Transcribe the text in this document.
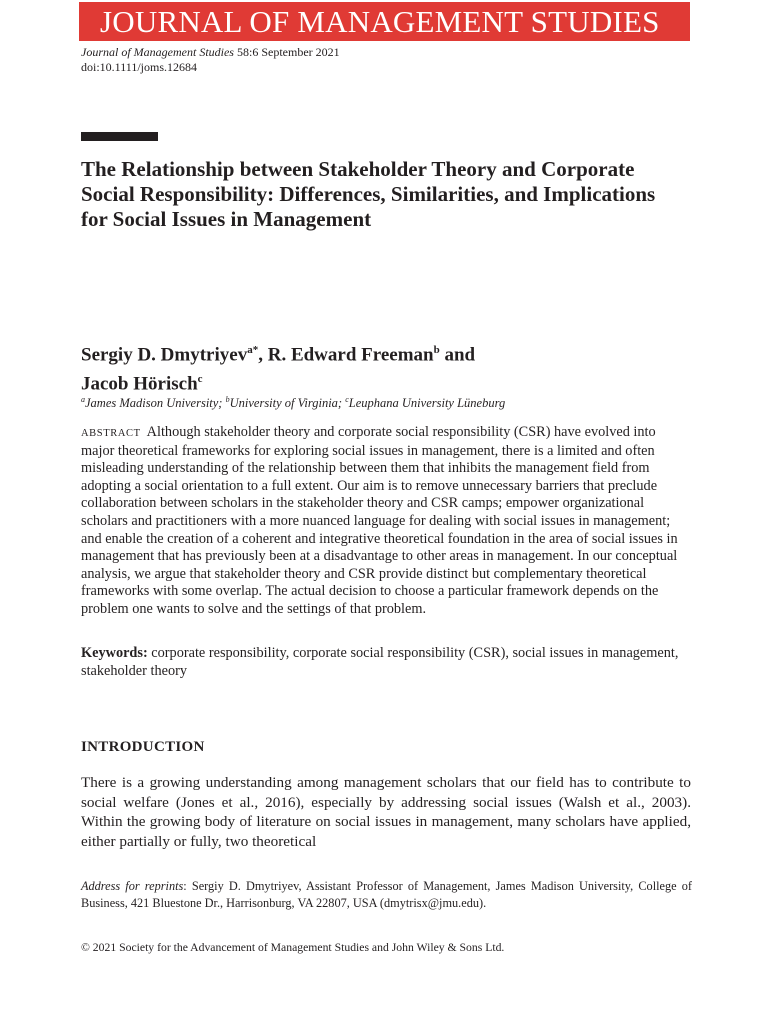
JOURNAL OF MANAGEMENT STUDIES
Journal of Management Studies 58:6 September 2021
doi:10.1111/joms.12684
The Relationship between Stakeholder Theory and Corporate Social Responsibility: Differences, Similarities, and Implications for Social Issues in Management
Sergiy D. Dmytriyev$^{a*}$, R. Edward Freeman$^b$ and
Jacob Hörisch$^c$
$^a$James Madison University; $^b$University of Virginia; $^c$Leuphana University Lüneburg

ABSTRACT Although stakeholder theory and corporate social responsibility (CSR) have evolved into major theoretical frameworks for exploring social issues in management, there is a limited and often misleading understanding of the relationship between them that inhibits the management field from adopting a social orientation to a full extent. Our aim is to remove unnecessary barriers that preclude collaboration between scholars in the stakeholder theory and CSR camps; empower organizational scholars and practitioners with a more nuanced language for dealing with social issues in management; and enable the creation of a coherent and integrative theoretical foundation in the area of social issues in management that has previously been at a disadvantage to other areas in management. In our conceptual analysis, we argue that stakeholder theory and CSR provide distinct but complementary theoretical frameworks with some overlap. The actual decision to choose a particular framework depends on the problem one wants to solve and the settings of that problem.

Keywords: corporate responsibility, corporate social responsibility (CSR), social issues in management, stakeholder theory

INTRODUCTION

There is a growing understanding among management scholars that our field has to contribute to social welfare (Jones et al., 2016), especially by addressing social issues (Walsh et al., 2003). Within the growing body of literature on social issues in management, many scholars have applied, either partially or fully, two theoretical

Address for reprints: Sergiy D. Dmytriyev, Assistant Professor of Management, James Madison University, College of Business, 421 Bluestone Dr., Harrisonburg, VA 22807, USA (dmytrisx@jmu.edu).

© 2021 Society for the Advancement of Management Studies and John Wiley & Sons Ltd.
